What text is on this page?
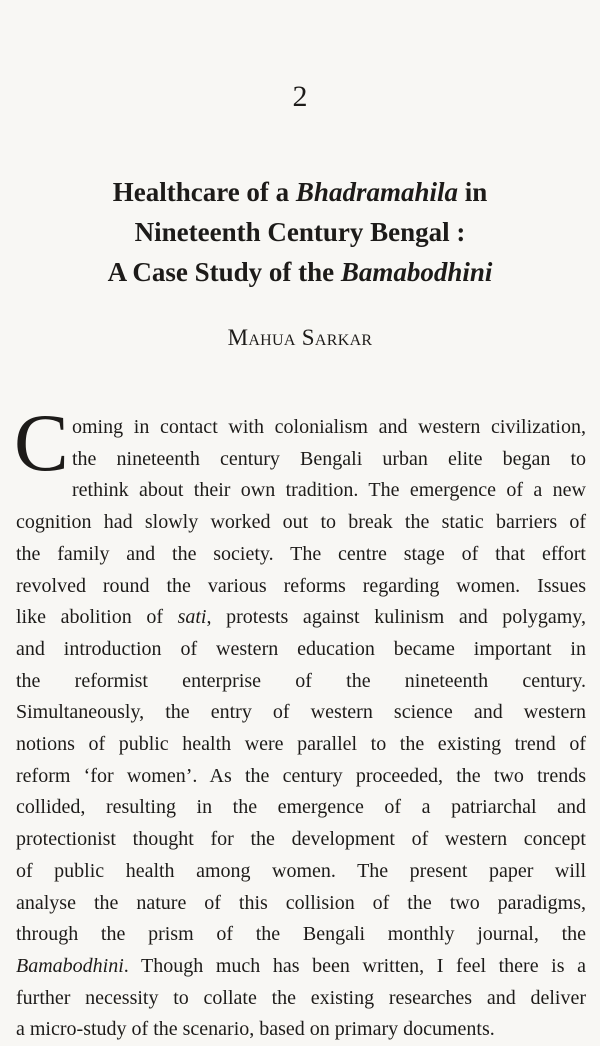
2
Healthcare of a Bhadramahila in
Nineteenth Century Bengal :
A Case Study of the Bamabodhini
Mahua Sarkar
C oming in contact with colonialism and western civilization,
the nineteenth century Bengali urban elite began to
rethink about their own tradition. The emergence of a new
cognition had slowly worked out to break the static barriers of
the family and the society. The centre stage of that effort
revolved round the various reforms regarding women. Issues
like abolition of sati, protests against kulinism and polygamy,
and introduction of western education became important in
the reformist enterprise of the nineteenth century.
Simultaneously, the entry of western science and western
notions of public health were parallel to the existing trend of
reform ‘for women’. As the century proceeded, the two trends
collided, resulting in the emergence of a patriarchal and
protectionist thought for the development of western concept
of public health among women. The present paper will
analyse the nature of this collision of the two paradigms,
through the prism of the Bengali monthly journal, the
Bamabodhini. Though much has been written, I feel there is a
further necessity to collate the existing researches and deliver
a micro-study of the scenario, based on primary documents.
